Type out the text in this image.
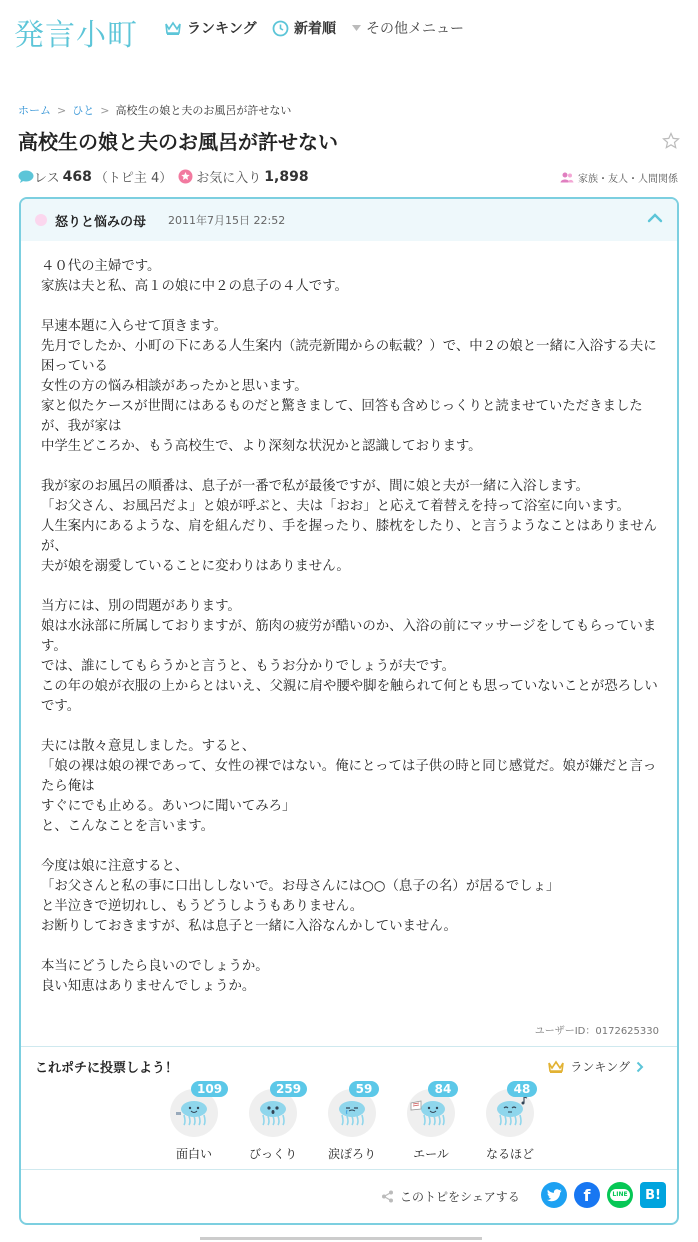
発言小町	ランキング	新着順 その他メニュー
ホーム > ひと > 高校生の娘と夫のお風呂が許せない
高校生の娘と夫のお風呂が許せない
レス 468 （トピ主 4） お気に入り 1,898	家族・友人・人間関係
怒りと悩みの母 2011年7月15日 22:52

４０代の主婦です。
家族は夫と私、高１の娘に中２の息子の４人です。

早速本題に入らせて頂きます。
先月でしたか、小町の下にある人生案内（読売新聞からの転載？）で、中２の娘と一緒に入浴する夫に困っている
女性の方の悩み相談があったかと思います。
家と似たケースが世間にはあるものだと驚きまして、回答も含めじっくりと読ませていただきましたが、我が家は
中学生どころか、もう高校生で、より深刻な状況かと認識しております。

我が家のお風呂の順番は、息子が一番で私が最後ですが、間に娘と夫が一緒に入浴します。
「お父さん、お風呂だよ」と娘が呼ぶと、夫は「おお」と応えて着替えを持って浴室に向います。
人生案内にあるような、肩を組んだり、手を握ったり、膝枕をしたり、と言うようなことはありませんが、
夫が娘を溺愛していることに変わりはありません。

当方には、別の問題があります。
娘は水泳部に所属しておりますが、筋肉の疲労が酷いのか、入浴の前にマッサージをしてもらっています。
では、誰にしてもらうかと言うと、もうお分かりでしょうが夫です。
この年の娘が衣服の上からとはいえ、父親に肩や腰や脚を触られて何とも思っていないことが恐ろしいです。

夫には散々意見しました。すると、
「娘の裸は娘の裸であって、女性の裸ではない。俺にとっては子供の時と同じ感覚だ。娘が嫌だと言ったら俺は
すぐにでも止める。あいつに聞いてみろ」
と、こんなことを言います。

今度は娘に注意すると、
「お父さんと私の事に口出ししないで。お母さんには○○（息子の名）が居るでしょ」
と半泣きで逆切れし、もうどうしようもありません。
お断りしておきますが、私は息子と一緒に入浴なんかしていません。

本当にどうしたら良いのでしょうか。
良い知恵はありませんでしょうか。

ユーザーID：0172625330
これポチに投票しよう！	ランキング
109
面白い
259
びっくり
59
涙ぽろり
84
エール
48
なるほど
このトピをシェアする	f	LINE B!
